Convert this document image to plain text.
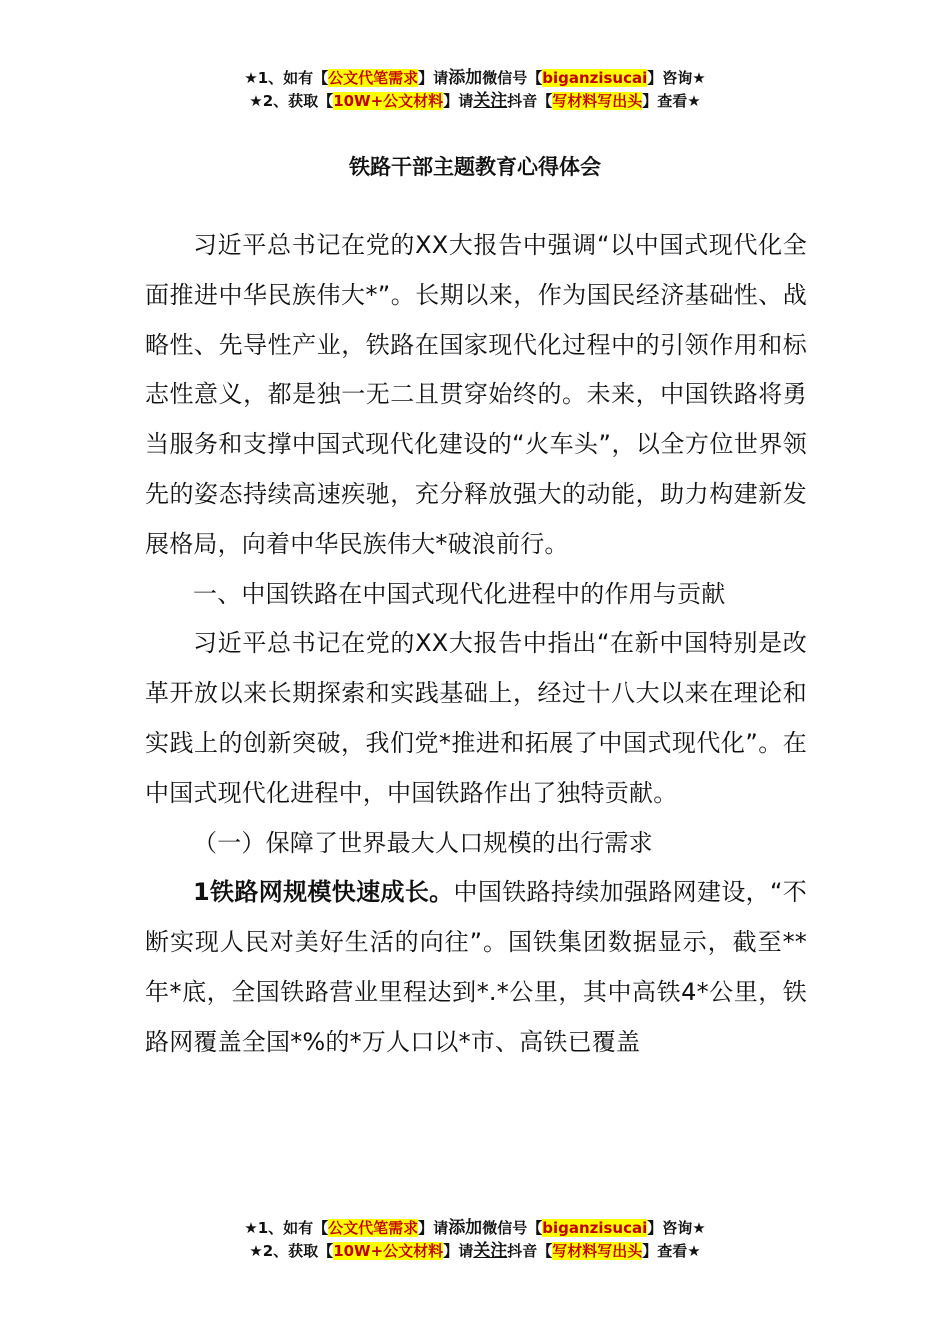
★1、如有【公文代笔需求】请添加微信号【biganzisucai】咨询★
★2、获取【10W+公文材料】请关注抖音【写材料写出头】查看★
铁路干部主题教育心得体会

习近平总书记在党的XX大报告中强调“以中国式现代化全面推进中华民族伟大*”。长期以来，作为国民经济基础性、战略性、先导性产业，铁路在国家现代化过程中的引领作用和标志性意义，都是独一无二且贯穿始终的。未来，中国铁路将勇当服务和支撑中国式现代化建设的“火车头”，以全方位世界领先的姿态持续高速疾驰，充分释放强大的动能，助力构建新发展格局，向着中华民族伟大*破浪前行。

一、中国铁路在中国式现代化进程中的作用与贡献

习近平总书记在党的XX大报告中指出“在新中国特别是改革开放以来长期探索和实践基础上，经过十八大以来在理论和实践上的创新突破，我们党*推进和拓展了中国式现代化”。在中国式现代化进程中，中国铁路作出了独特贡献。

（一）保障了世界最大人口规模的出行需求

1铁路网规模快速成长。中国铁路持续加强路网建设，“不断实现人民对美好生活的向往”。国铁集团数据显示，截至**年*底，全国铁路营业里程达到*.*公里，其中高铁4*公里，铁路网覆盖全国*%的*万人口以*市、高铁已覆盖

★1、如有【公文代笔需求】请添加微信号【biganzisucai】咨询★
★2、获取【10W+公文材料】请关注抖音【写材料写出头】查看★
